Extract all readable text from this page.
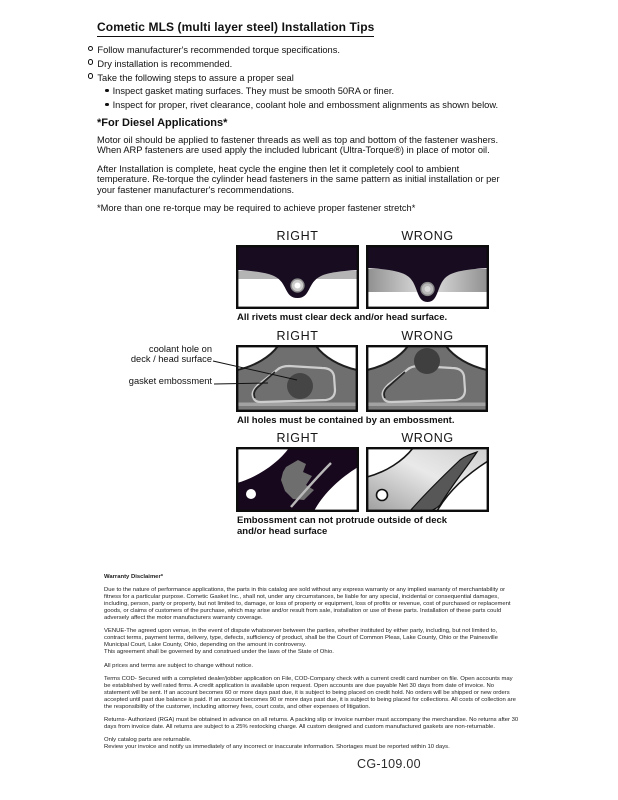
Cometic MLS (multi layer steel) Installation Tips
Follow manufacturer's recommended torque specifications.
Dry installation is recommended.
Take the following steps to assure a proper seal
Inspect gasket mating surfaces. They must be smooth 50RA or finer.
Inspect for proper, rivet clearance, coolant hole and embossment alignments as shown below.
*For Diesel Applications*
Motor oil should be applied to fastener threads as well as top and bottom of the fastener washers. When ARP fasteners are used apply the included lubricant (Ultra-Torque®) in place of motor oil.
After Installation is complete, heat cycle the engine then let it completely cool to ambient temperature. Re-torque the cylinder head fasteners in the same pattern as initial installation or per your fastener manufacturer's recommendations.
*More than one re-torque may be required to achieve proper fastener stretch*
RIGHT	WRONG
All rivets must clear deck and/or head surface.
RIGHT	WRONG
All holes must be contained by an embossment.
coolant hole on
deck / head surface
gasket embossment
RIGHT	WRONG
Embossment can not protrude outside of deck and/or head surface

Warranty Disclaimer*

Due to the nature of performance applications, the parts in this catalog are sold without any express warranty or any implied warranty of merchantability or fitness for a particular purpose. Cometic Gasket Inc., shall not, under any circumstances, be liable for any special, incidental or consequential damages, including, person, party or property, but not limited to, damage, or loss of property or equipment, loss of profits or revenue, cost of purchased or replacement goods, or claims of customers of the purchase, which may arise and/or result from sale, installation or use of these parts. Installation of these parts could adversely affect the motor manufacturers warranty coverage.

VENUE-The agreed upon venue, in the event of dispute whatsoever between the parties, whether instituted by either party, including, but not limited to, contract terms, payment terms, delivery, type, defects, sufficiency of product, shall be the Court of Common Pleas, Lake County, Ohio or the Painesville Municipal Court, Lake County, Ohio, depending on the amount in controversy.

This agreement shall be governed by and construed under the laws of the State of Ohio.

All prices and terms are subject to change without notice.

Terms COD- Secured with a completed dealer/jobber application on File, COD-Company check with a current credit card number on file. Open accounts may be established by well rated firms. A credit application is available upon request. Open accounts are due payable Net 30 days from date of invoice. No statement will be sent. If an account becomes 60 or more days past due, it is subject to being placed on credit hold. No orders will be shipped or new orders accepted until past due balance is paid. If an account becomes 90 or more days past due, it is subject to being placed for collections. All costs of collection are the responsibility of the customer, including attorney fees, court costs, and other expenses of litigation.

Returns- Authorized (RGA) must be obtained in advance on all returns. A packing slip or invoice number must accompany the merchandise. No returns after 30 days from invoice date. All returns are subject to a 25% restocking charge. All custom designed and custom manufactured gaskets are non-returnable.

Only catalog parts are returnable.

Review your invoice and notify us immediately of any incorrect or inaccurate information. Shortages must be reported within 10 days.

CG-109.00
